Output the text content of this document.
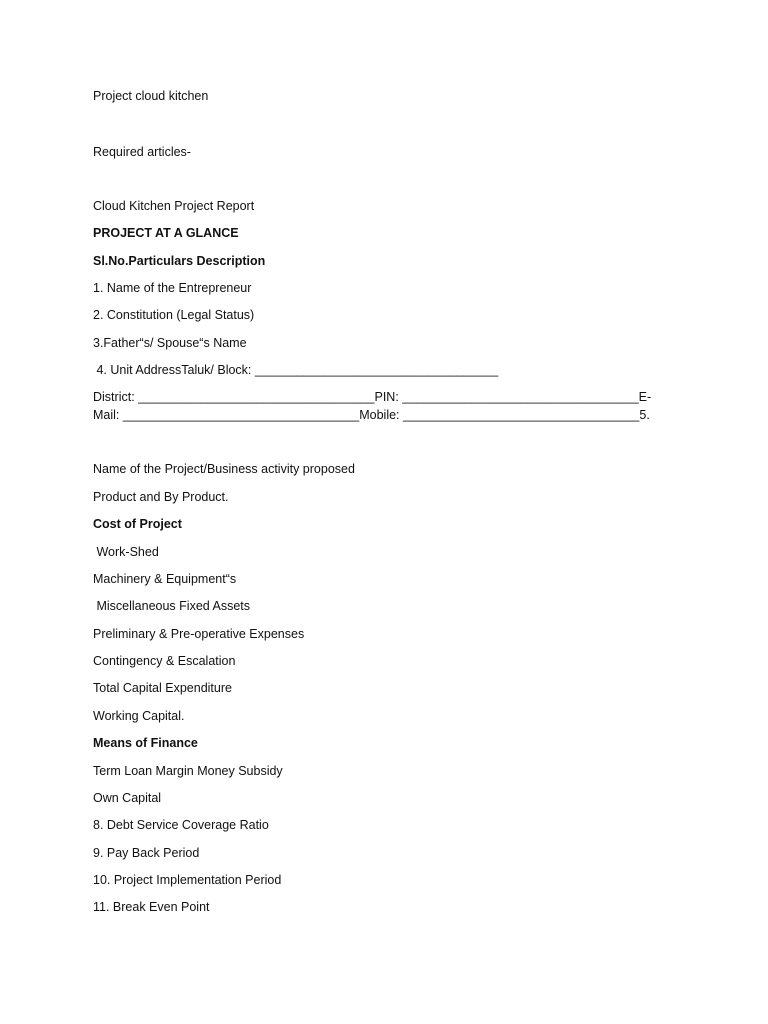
Project cloud kitchen
Required articles-
Cloud Kitchen Project Report
PROJECT AT A GLANCE
Sl.No.Particulars Description
1. Name of the Entrepreneur
2. Constitution (Legal Status)
3.Father“s/ Spouse“s Name
4. Unit AddressTaluk/ Block: ___________________________________
District: __________________________________PIN: __________________________________E-
Mail: __________________________________Mobile: __________________________________5.
Name of the Project/Business activity proposed
Product and By Product.
Cost of Project
Work-Shed
Machinery & Equipment“s
Miscellaneous Fixed Assets
Preliminary & Pre-operative Expenses
Contingency & Escalation
Total Capital Expenditure
Working Capital.
Means of Finance
Term Loan Margin Money Subsidy
Own Capital
8. Debt Service Coverage Ratio
9. Pay Back Period
10. Project Implementation Period
11. Break Even Point
